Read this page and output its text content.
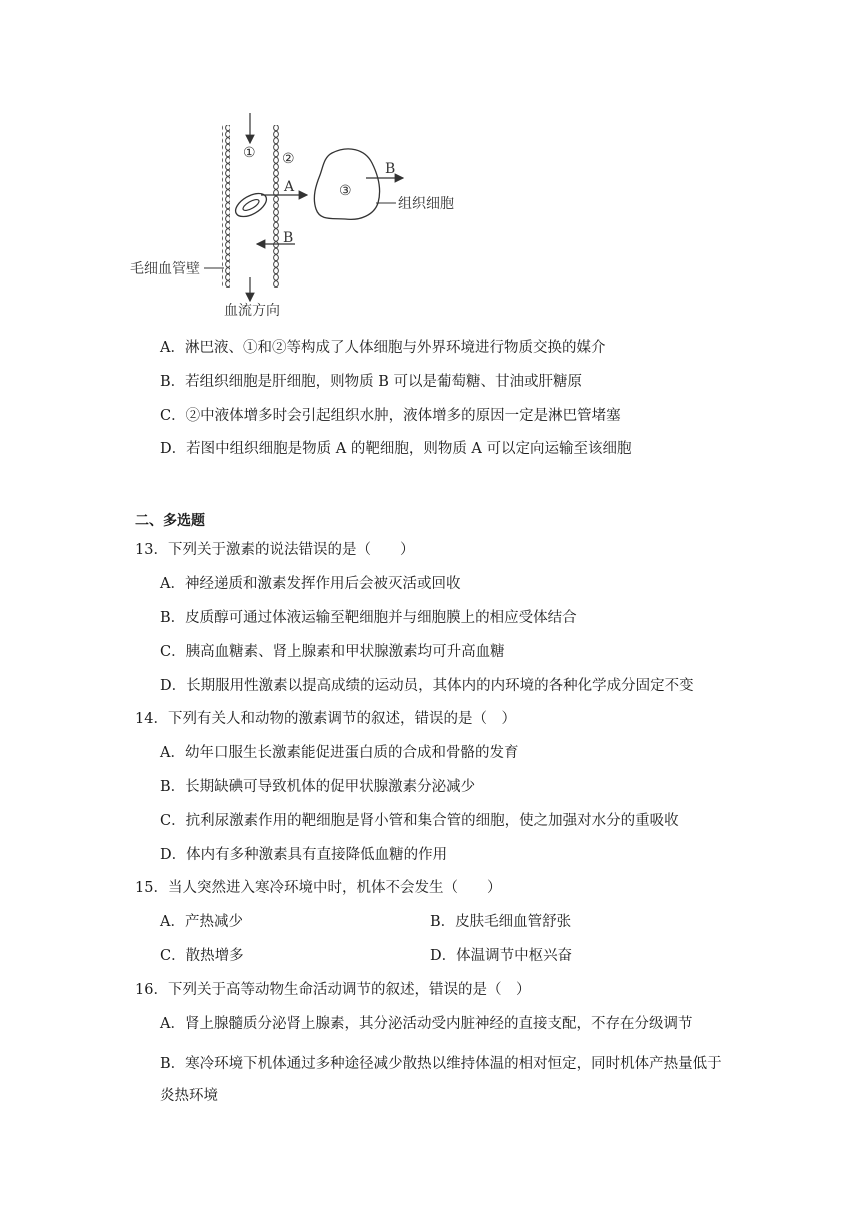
① ②
③
A
B
B
组织细胞
毛细血管壁
血流方向
A．淋巴液、①和②等构成了人体细胞与外界环境进行物质交换的媒介
B．若组织细胞是肝细胞，则物质 B 可以是葡萄糖、甘油或肝糖原
C．②中液体增多时会引起组织水肿，液体增多的原因一定是淋巴管堵塞
D．若图中组织细胞是物质 A 的靶细胞，则物质 A 可以定向运输至该细胞
二、多选题
13．下列关于激素的说法错误的是（　　）
A．神经递质和激素发挥作用后会被灭活或回收
B．皮质醇可通过体液运输至靶细胞并与细胞膜上的相应受体结合
C．胰高血糖素、肾上腺素和甲状腺激素均可升高血糖
D．长期服用性激素以提高成绩的运动员，其体内的内环境的各种化学成分固定不变
14．下列有关人和动物的激素调节的叙述，错误的是（　）
A．幼年口服生长激素能促进蛋白质的合成和骨骼的发育
B．长期缺碘可导致机体的促甲状腺激素分泌减少
C．抗利尿激素作用的靶细胞是肾小管和集合管的细胞，使之加强对水分的重吸收
D．体内有多种激素具有直接降低血糖的作用
15．当人突然进入寒冷环境中时，机体不会发生（　　）
A．产热减少	B．皮肤毛细血管舒张
C．散热增多	D．体温调节中枢兴奋
16．下列关于高等动物生命活动调节的叙述，错误的是（　）
A．肾上腺髓质分泌肾上腺素，其分泌活动受内脏神经的直接支配，不存在分级调节
B．寒冷环境下机体通过多种途径减少散热以维持体温的相对恒定，同时机体产热量低于炎热环境
